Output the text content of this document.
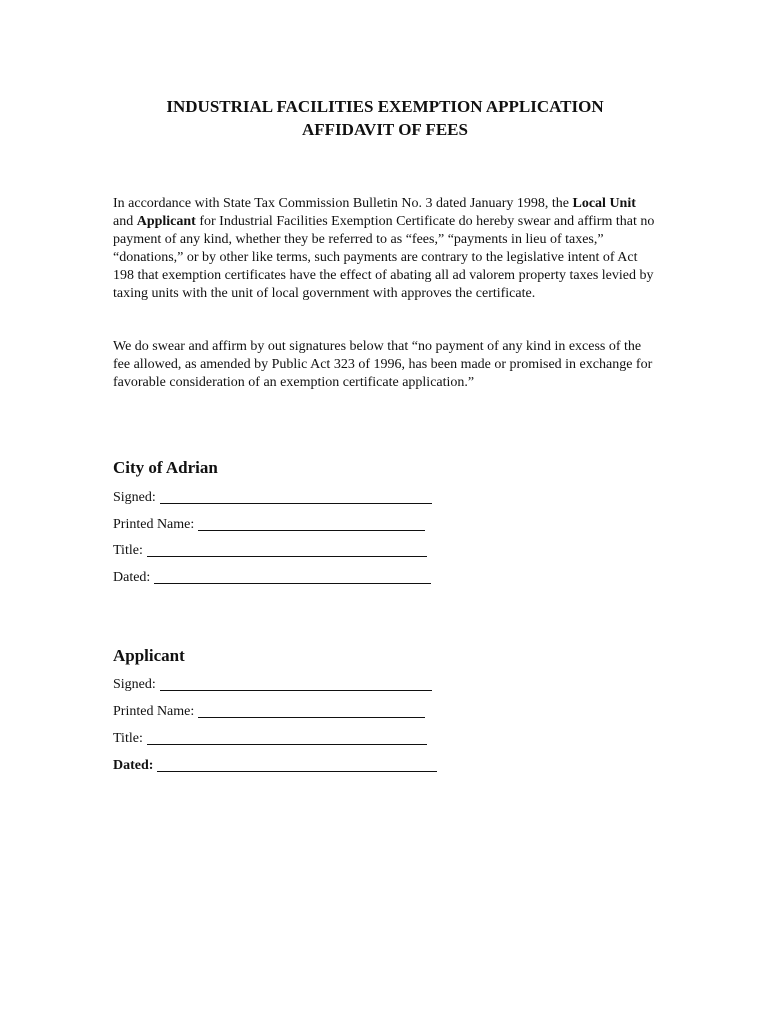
INDUSTRIAL FACILITIES EXEMPTION APPLICATION
AFFIDAVIT OF FEES
In accordance with State Tax Commission Bulletin No. 3 dated January 1998, the Local Unit and Applicant for Industrial Facilities Exemption Certificate do hereby swear and affirm that no payment of any kind, whether they be referred to as “fees,” “payments in lieu of taxes,” “donations,” or by other like terms, such payments are contrary to the legislative intent of Act 198 that exemption certificates have the effect of abating all ad valorem property taxes levied by taxing units with the unit of local government with approves the certificate.
We do swear and affirm by out signatures below that “no payment of any kind in excess of the fee allowed, as amended by Public Act 323 of 1996, has been made or promised in exchange for favorable consideration of an exemption certificate application.”
City of Adrian
Signed:
Printed Name:
Title:
Dated:
Applicant
Signed:
Printed Name:
Title:
Dated:
